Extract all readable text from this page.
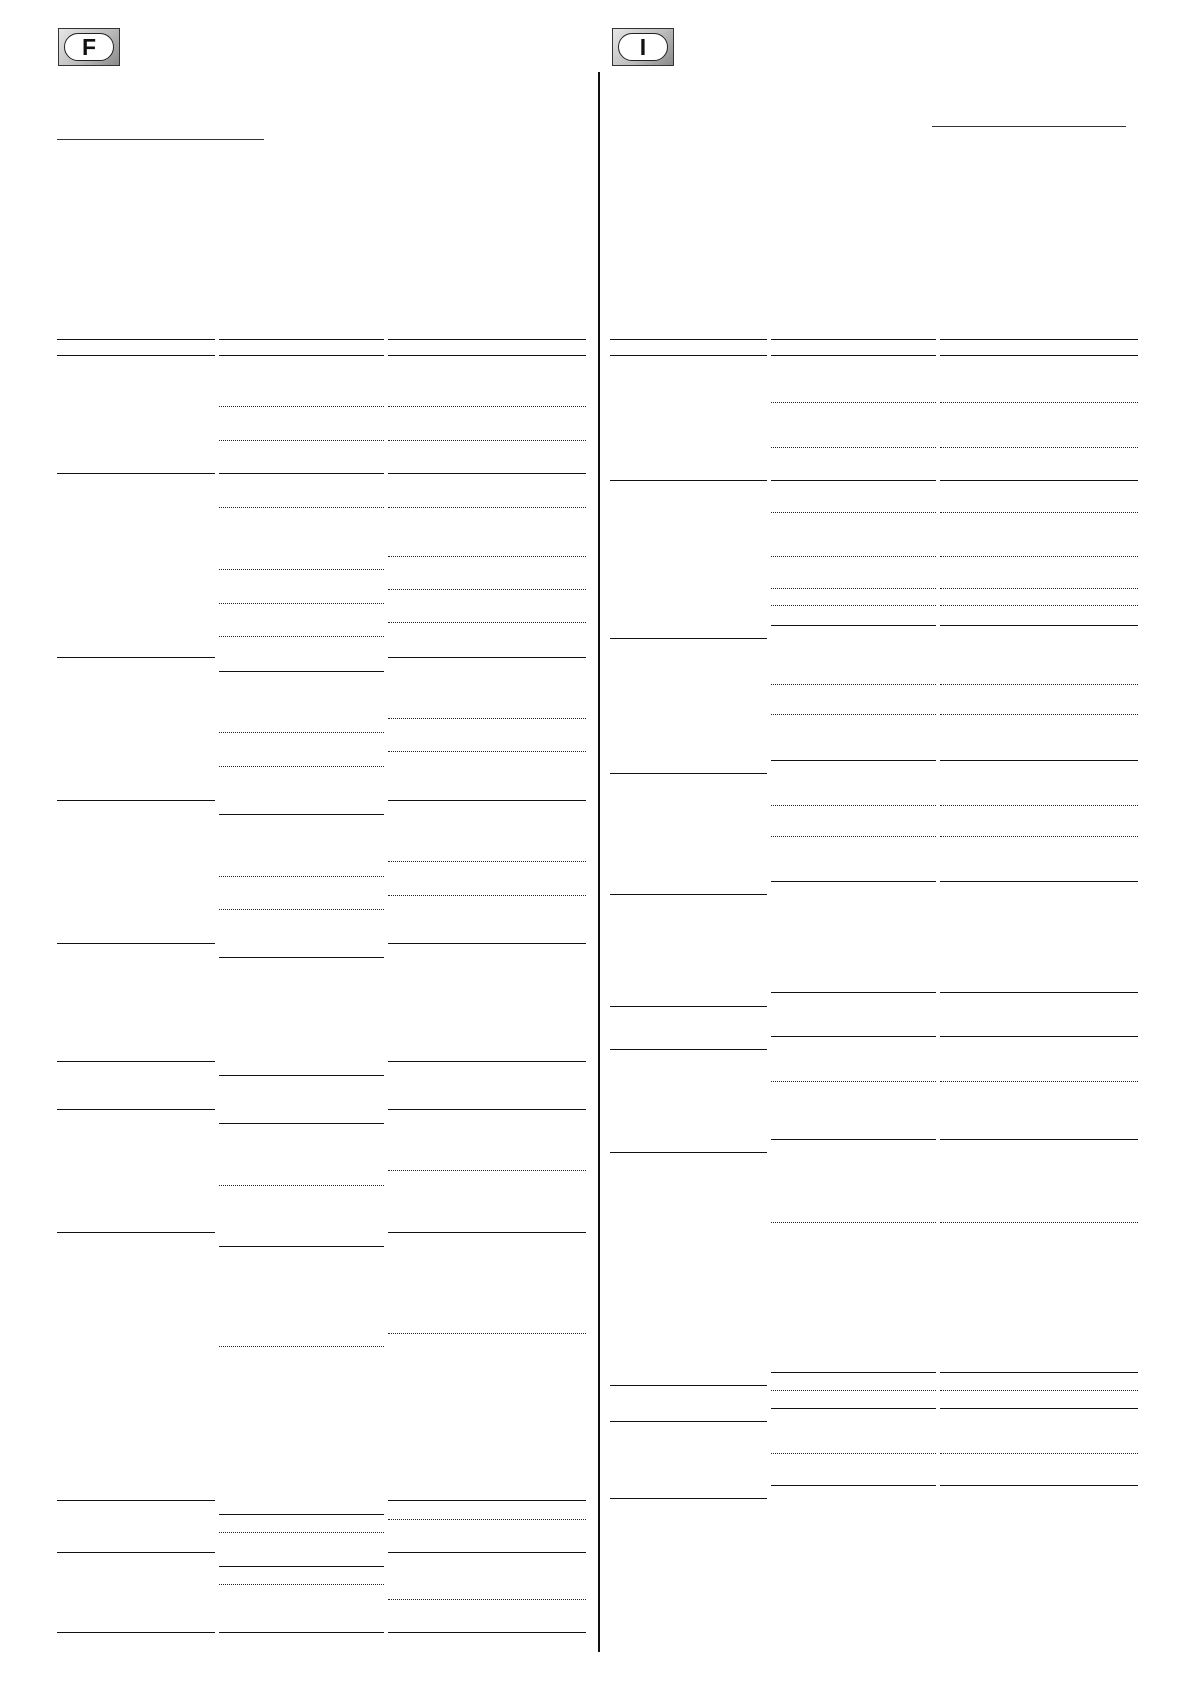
F	I
